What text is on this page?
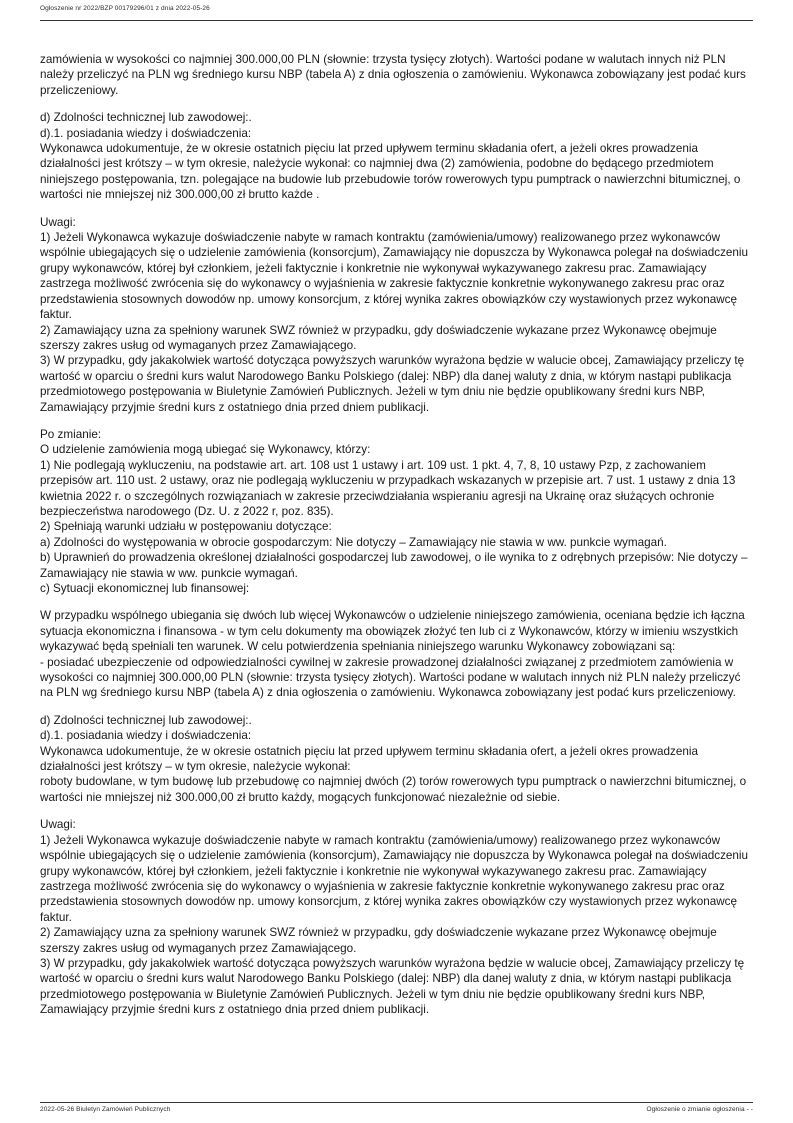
Ogłoszenie nr 2022/BZP 00179296/01 z dnia 2022-05-26

zamówienia w wysokości co najmniej 300.000,00 PLN (słownie: trzysta tysięcy złotych). Wartości podane w walutach innych niż PLN należy przeliczyć na PLN wg średniego kursu NBP (tabela A) z dnia ogłoszenia o zamówieniu. Wykonawca zobowiązany jest podać kurs przeliczeniowy.

d) Zdolności technicznej lub zawodowej:.

d).1. posiadania wiedzy i doświadczenia:

Wykonawca udokumentuje, że w okresie ostatnich pięciu lat przed upływem terminu składania ofert, a jeżeli okres prowadzenia działalności jest krótszy – w tym okresie, należycie wykonał: co najmniej dwa (2) zamówienia, podobne do będącego przedmiotem niniejszego postępowania, tzn. polegające na budowie lub przebudowie torów rowerowych typu pumptrack o nawierzchni bitumicznej, o wartości nie mniejszej niż 300.000,00 zł brutto każde .

Uwagi:

1) Jeżeli Wykonawca wykazuje doświadczenie nabyte w ramach kontraktu (zamówienia/umowy) realizowanego przez wykonawców wspólnie ubiegających się o udzielenie zamówienia (konsorcjum), Zamawiający nie dopuszcza by Wykonawca polegał na doświadczeniu grupy wykonawców, której był członkiem, jeżeli faktycznie i konkretnie nie wykonywał wykazywanego zakresu prac. Zamawiający zastrzega możliwość zwrócenia się do wykonawcy o wyjaśnienia w zakresie faktycznie konkretnie wykonywanego zakresu prac oraz przedstawienia stosownych dowodów np. umowy konsorcjum, z której wynika zakres obowiązków czy wystawionych przez wykonawcę faktur.

2) Zamawiający uzna za spełniony warunek SWZ również w przypadku, gdy doświadczenie wykazane przez Wykonawcę obejmuje szerszy zakres usług od wymaganych przez Zamawiającego.

3) W przypadku, gdy jakakolwiek wartość dotycząca powyższych warunków wyrażona będzie w walucie obcej, Zamawiający przeliczy tę wartość w oparciu o średni kurs walut Narodowego Banku Polskiego (dalej: NBP) dla danej waluty z dnia, w którym nastąpi publikacja przedmiotowego postępowania w Biuletynie Zamówień Publicznych. Jeżeli w tym dniu nie będzie opublikowany średni kurs NBP, Zamawiający przyjmie średni kurs z ostatniego dnia przed dniem publikacji.

Po zmianie:

O udzielenie zamówienia mogą ubiegać się Wykonawcy, którzy:

1) Nie podlegają wykluczeniu, na podstawie art. art. 108 ust 1 ustawy i art. 109 ust. 1 pkt. 4, 7, 8, 10 ustawy Pzp, z zachowaniem przepisów art. 110 ust. 2 ustawy, oraz nie podlegają wykluczeniu w przypadkach wskazanych w przepisie art. 7 ust. 1 ustawy z dnia 13 kwietnia 2022 r. o szczególnych rozwiązaniach w zakresie przeciwdziałania wspieraniu agresji na Ukrainę oraz służących ochronie bezpieczeństwa narodowego (Dz. U. z 2022 r, poz. 835).

2) Spełniają warunki udziału w postępowaniu dotyczące:

a) Zdolności do występowania w obrocie gospodarczym: Nie dotyczy – Zamawiający nie stawia w ww. punkcie wymagań.

b) Uprawnień do prowadzenia określonej działalności gospodarczej lub zawodowej, o ile wynika to z odrębnych przepisów: Nie dotyczy – Zamawiający nie stawia w ww. punkcie wymagań.

c) Sytuacji ekonomicznej lub finansowej:

W przypadku wspólnego ubiegania się dwóch lub więcej Wykonawców o udzielenie niniejszego zamówienia, oceniana będzie ich łączna sytuacja ekonomiczna i finansowa - w tym celu dokumenty ma obowiązek złożyć ten lub ci z Wykonawców, którzy w imieniu wszystkich wykazywać będą spełniali ten warunek. W celu potwierdzenia spełniania niniejszego warunku Wykonawcy zobowiązani są:

- posiadać ubezpieczenie od odpowiedzialności cywilnej w zakresie prowadzonej działalności związanej z przedmiotem zamówienia w wysokości co najmniej 300.000,00 PLN (słownie: trzysta tysięcy złotych). Wartości podane w walutach innych niż PLN należy przeliczyć na PLN wg średniego kursu NBP (tabela A) z dnia ogłoszenia o zamówieniu. Wykonawca zobowiązany jest podać kurs przeliczeniowy.

d) Zdolności technicznej lub zawodowej:.

d).1. posiadania wiedzy i doświadczenia:

Wykonawca udokumentuje, że w okresie ostatnich pięciu lat przed upływem terminu składania ofert, a jeżeli okres prowadzenia działalności jest krótszy – w tym okresie, należycie wykonał:

roboty budowlane, w tym budowę lub przebudowę co najmniej dwóch (2) torów rowerowych typu pumptrack o nawierzchni bitumicznej, o wartości nie mniejszej niż 300.000,00 zł brutto każdy, mogących funkcjonować niezależnie od siebie.

Uwagi:

1) Jeżeli Wykonawca wykazuje doświadczenie nabyte w ramach kontraktu (zamówienia/umowy) realizowanego przez wykonawców wspólnie ubiegających się o udzielenie zamówienia (konsorcjum), Zamawiający nie dopuszcza by Wykonawca polegał na doświadczeniu grupy wykonawców, której był członkiem, jeżeli faktycznie i konkretnie nie wykonywał wykazywanego zakresu prac. Zamawiający zastrzega możliwość zwrócenia się do wykonawcy o wyjaśnienia w zakresie faktycznie konkretnie wykonywanego zakresu prac oraz przedstawienia stosownych dowodów np. umowy konsorcjum, z której wynika zakres obowiązków czy wystawionych przez wykonawcę faktur.

2) Zamawiający uzna za spełniony warunek SWZ również w przypadku, gdy doświadczenie wykazane przez Wykonawcę obejmuje szerszy zakres usług od wymaganych przez Zamawiającego.

3) W przypadku, gdy jakakolwiek wartość dotycząca powyższych warunków wyrażona będzie w walucie obcej, Zamawiający przeliczy tę wartość w oparciu o średni kurs walut Narodowego Banku Polskiego (dalej: NBP) dla danej waluty z dnia, w którym nastąpi publikacja przedmiotowego postępowania w Biuletynie Zamówień Publicznych. Jeżeli w tym dniu nie będzie opublikowany średni kurs NBP, Zamawiający przyjmie średni kurs z ostatniego dnia przed dniem publikacji.

2022-05-26 Biuletyn Zamówień Publicznych	Ogłoszenie o zmianie ogłoszenia - -
